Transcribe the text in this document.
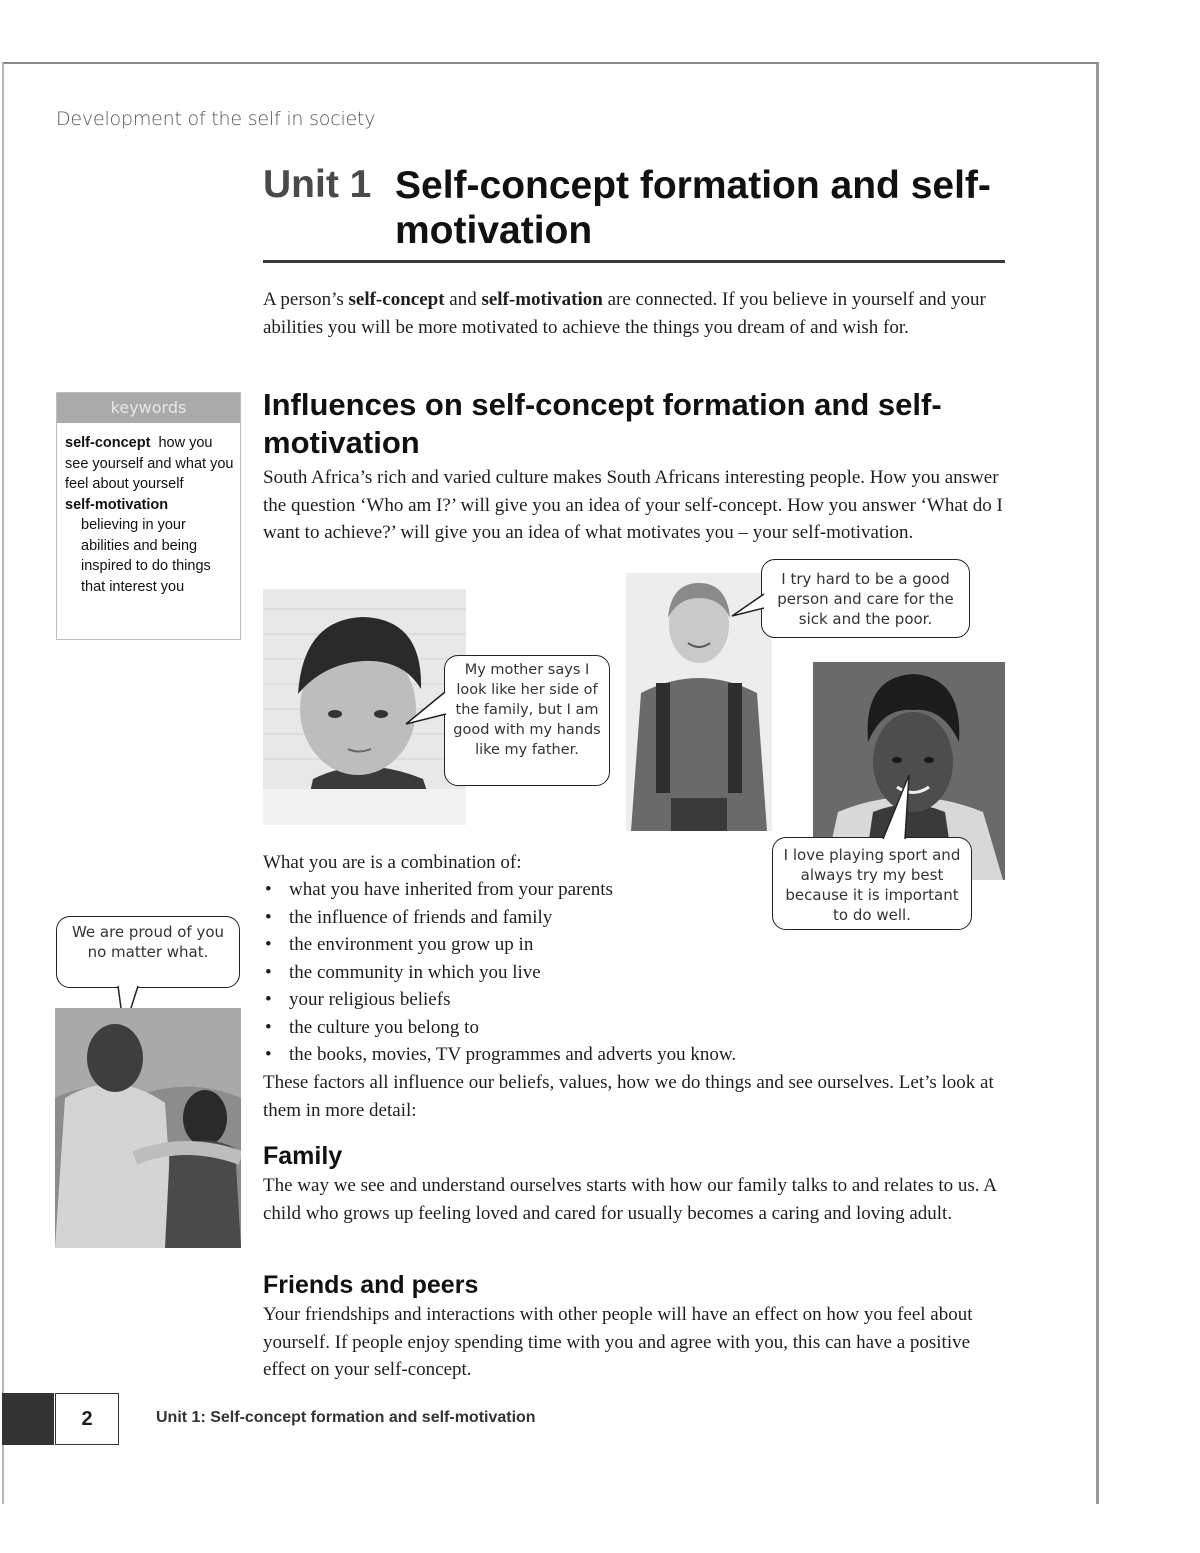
Development of the self in society
Unit 1 Self-concept formation and self-motivation
A person’s self-concept and self-motivation are connected. If you believe in yourself and your abilities you will be more motivated to achieve the things you dream of and wish for.
keywords
self-concept how you see yourself and what you feel about yourself
self-motivation
believing in your abilities and being inspired to do things that interest you
Influences on self-concept formation and self-motivation
South Africa’s rich and varied culture makes South Africans interesting people. How you answer the question ‘Who am I?’ will give you an idea of your self-concept. How you answer ‘What do I want to achieve?’ will give you an idea of what motivates you – your self-motivation.
My mother says I look like her side of the family, but I am good with my hands like my father.
I try hard to be a good person and care for the sick and the poor.
I love playing sport and always try my best because it is important to do well.
We are proud of you no matter what.
What you are is a combination of:
• what you have inherited from your parents
• the influence of friends and family
• the environment you grow up in
• the community in which you live
• your religious beliefs
• the culture you belong to
• the books, movies, TV programmes and adverts you know.
These factors all influence our beliefs, values, how we do things and see ourselves. Let’s look at them in more detail:
Family
The way we see and understand ourselves starts with how our family talks to and relates to us. A child who grows up feeling loved and cared for usually becomes a caring and loving adult.
Friends and peers
Your friendships and interactions with other people will have an effect on how you feel about yourself. If people enjoy spending time with you and agree with you, this can have a positive effect on your self-concept.
2	Unit 1: Self-concept formation and self-motivation
